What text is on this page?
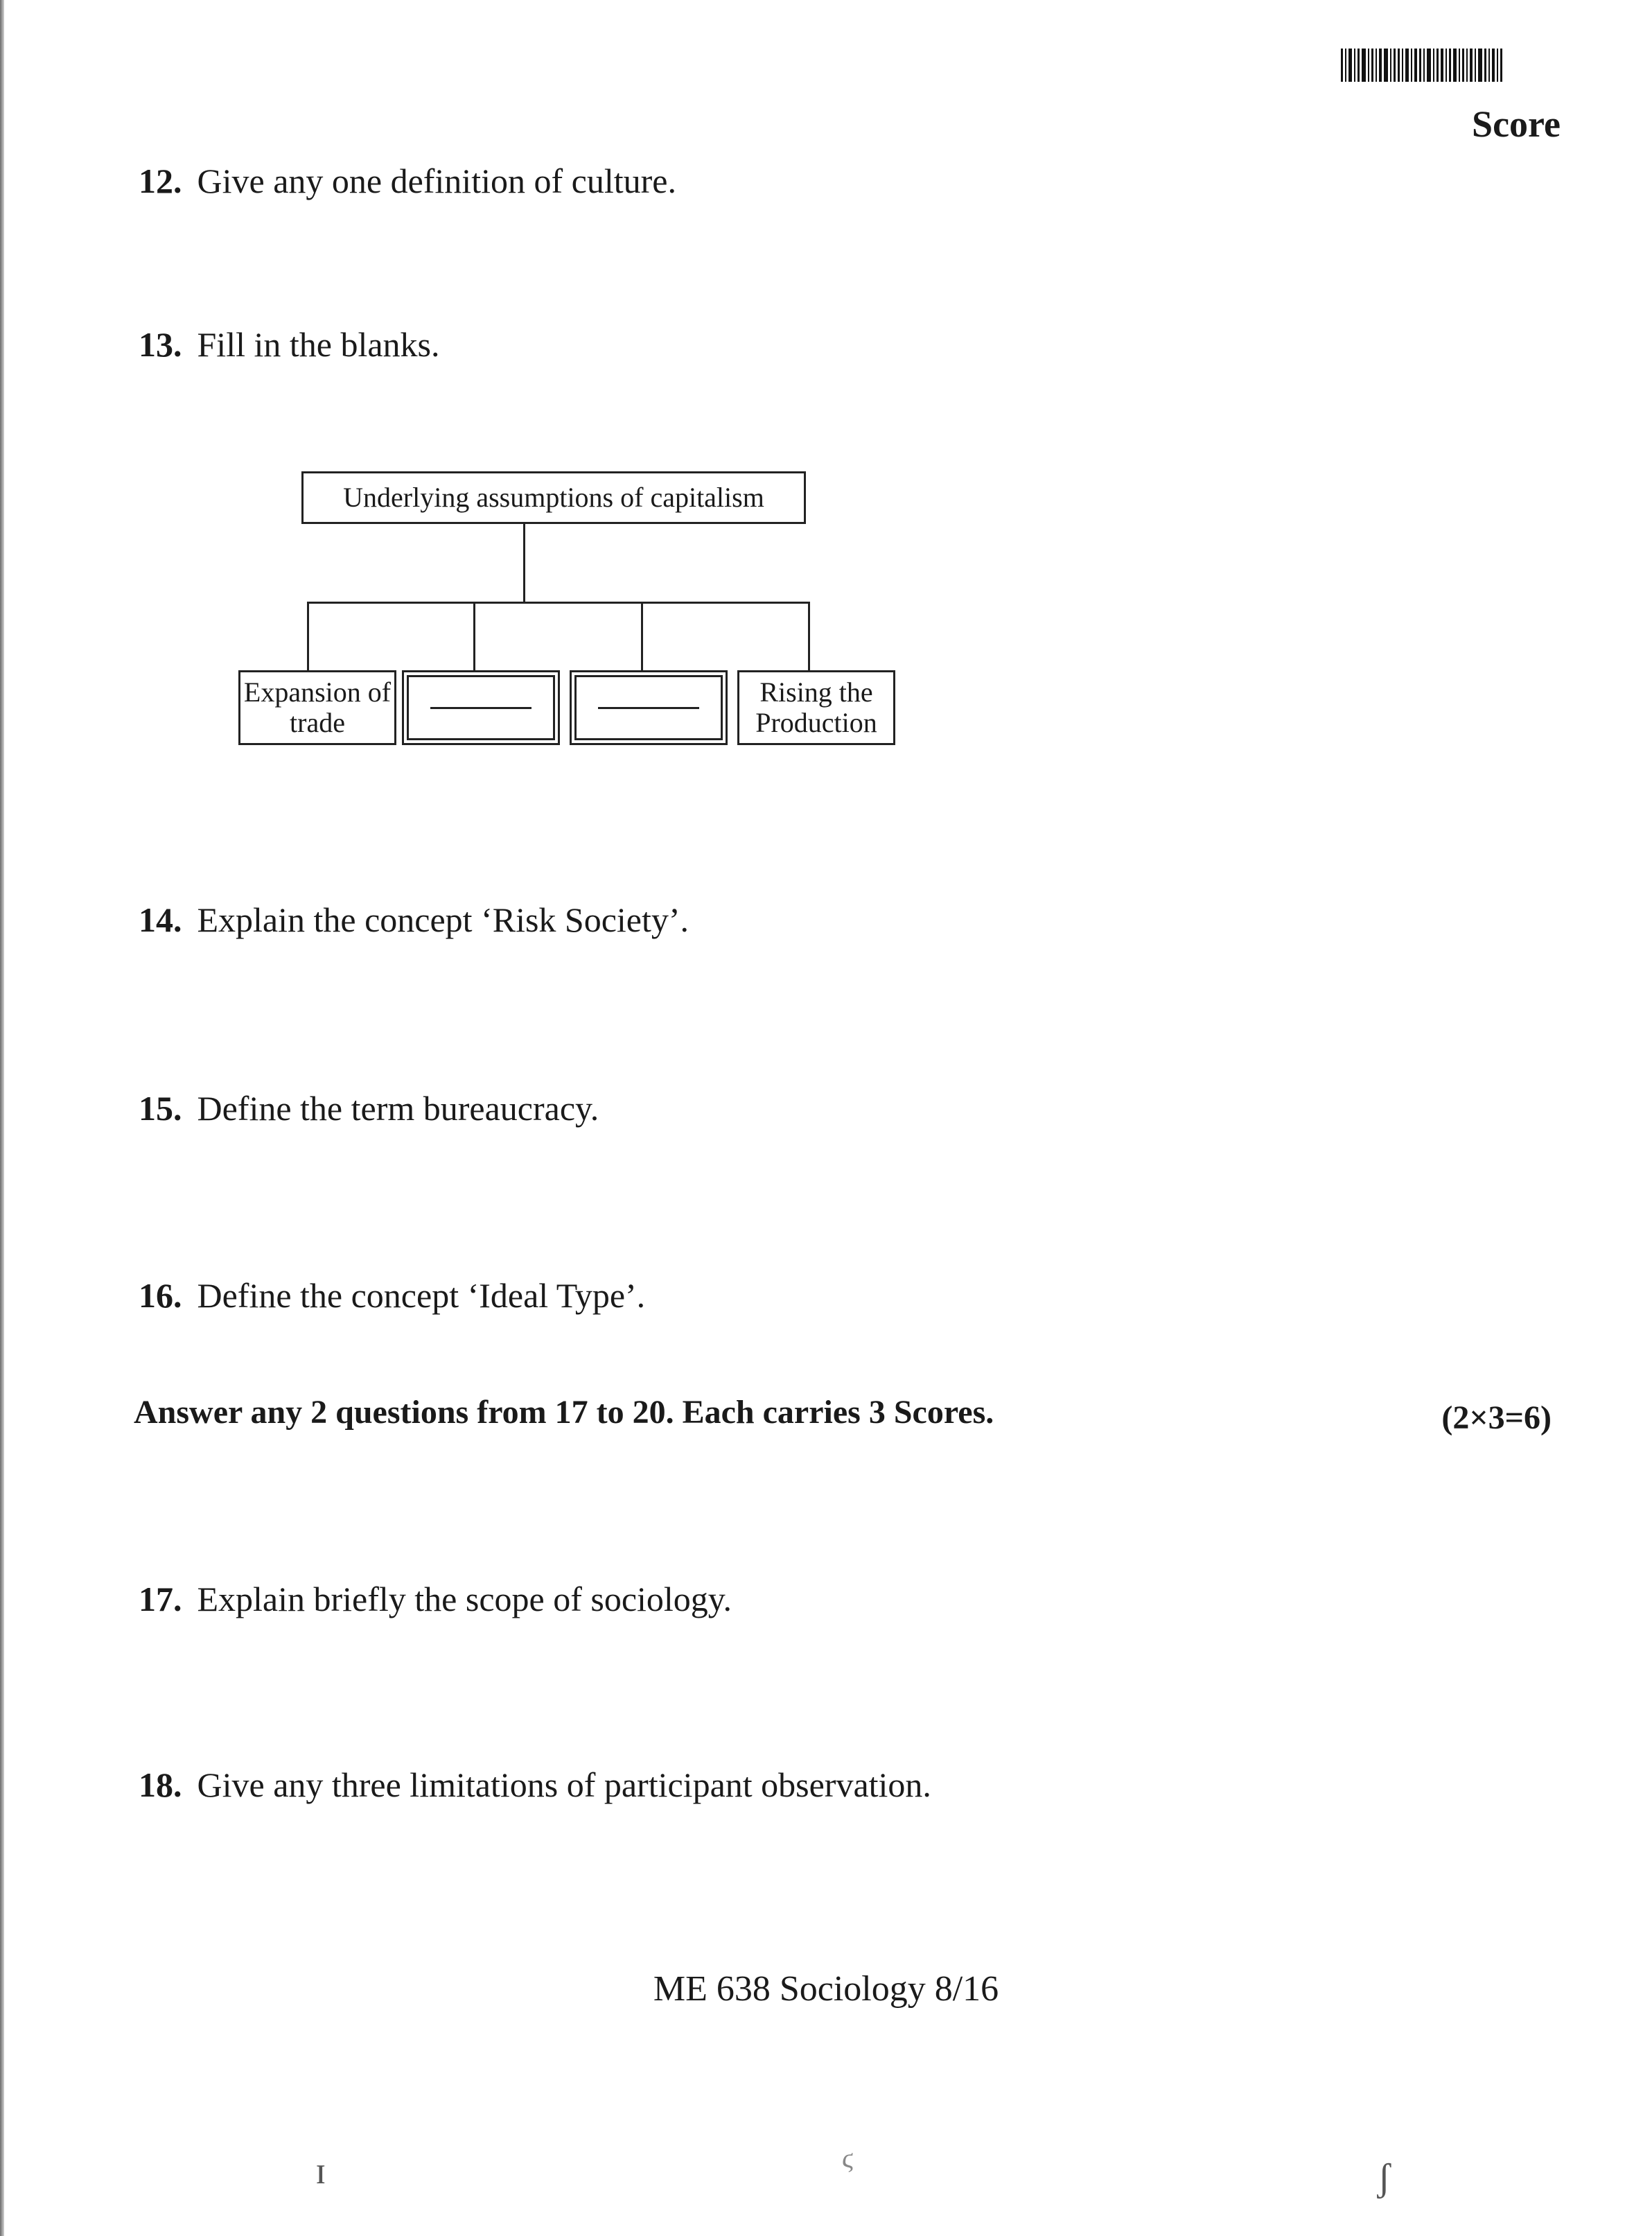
Score
12. Give any one definition of culture.
13. Fill in the blanks.
Underlying assumptions of capitalism
Expansion of
trade
Rising the
Production
14. Explain the concept ‘Risk Society’.
15. Define the term bureaucracy.
16. Define the concept ‘Ideal Type’.
Answer any 2 questions from 17 to 20. Each carries 3 Scores.	(2×3=6)
17. Explain briefly the scope of sociology.
18. Give any three limitations of participant observation.
ME 638 Sociology 8/16
ɪ	ϛ	ʃ
